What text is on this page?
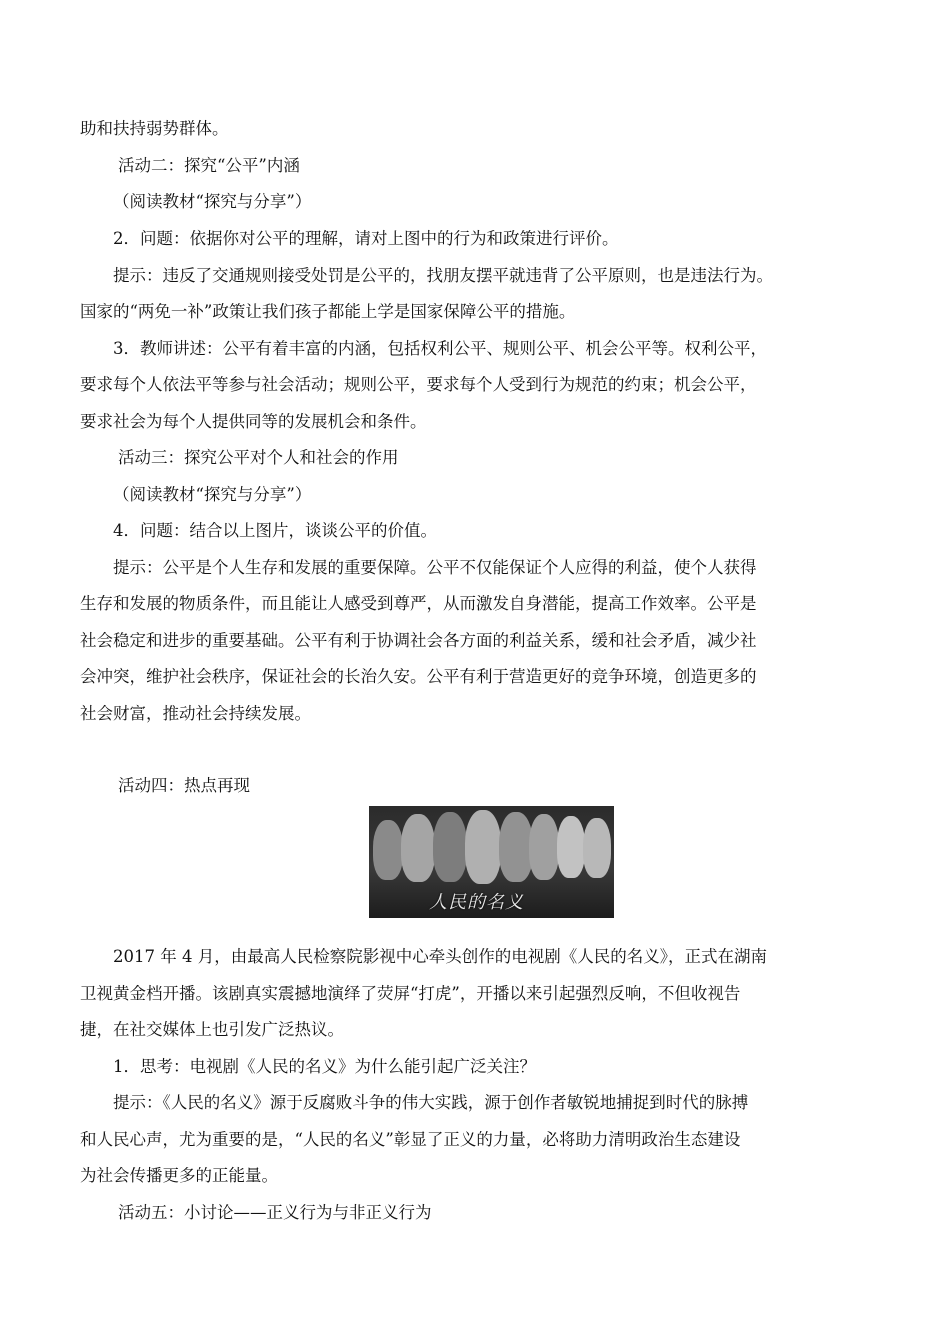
助和扶持弱势群体。

活动二：探究“公平”内涵

（阅读教材“探究与分享”）

2．问题：依据你对公平的理解，请对上图中的行为和政策进行评价。

提示：违反了交通规则接受处罚是公平的，找朋友摆平就违背了公平原则，也是违法行为。

国家的“两免一补”政策让我们孩子都能上学是国家保障公平的措施。

3．教师讲述：公平有着丰富的内涵，包括权利公平、规则公平、机会公平等。权利公平，

要求每个人依法平等参与社会活动；规则公平，要求每个人受到行为规范的约束；机会公平，

要求社会为每个人提供同等的发展机会和条件。

活动三：探究公平对个人和社会的作用

（阅读教材“探究与分享”）

4．问题：结合以上图片，谈谈公平的价值。

提示：公平是个人生存和发展的重要保障。公平不仅能保证个人应得的利益，使个人获得

生存和发展的物质条件，而且能让人感受到尊严，从而激发自身潜能，提高工作效率。公平是

社会稳定和进步的重要基础。公平有利于协调社会各方面的利益关系，缓和社会矛盾，减少社

会冲突，维护社会秩序，保证社会的长治久安。公平有利于营造更好的竞争环境，创造更多的

社会财富，推动社会持续发展。

活动四：热点再现

2017 年 4 月，由最高人民检察院影视中心牵头创作的电视剧《人民的名义》，正式在湖南

卫视黄金档开播。该剧真实震撼地演绎了荧屏“打虎”，开播以来引起强烈反响，不但收视告

捷，在社交媒体上也引发广泛热议。

1．思考：电视剧《人民的名义》为什么能引起广泛关注？

提示：《人民的名义》源于反腐败斗争的伟大实践，源于创作者敏锐地捕捉到时代的脉搏

和人民心声，尤为重要的是，“人民的名义”彰显了正义的力量，必将助力清明政治生态建设

为社会传播更多的正能量。

活动五：小讨论——正义行为与非正义行为

人民的名义
